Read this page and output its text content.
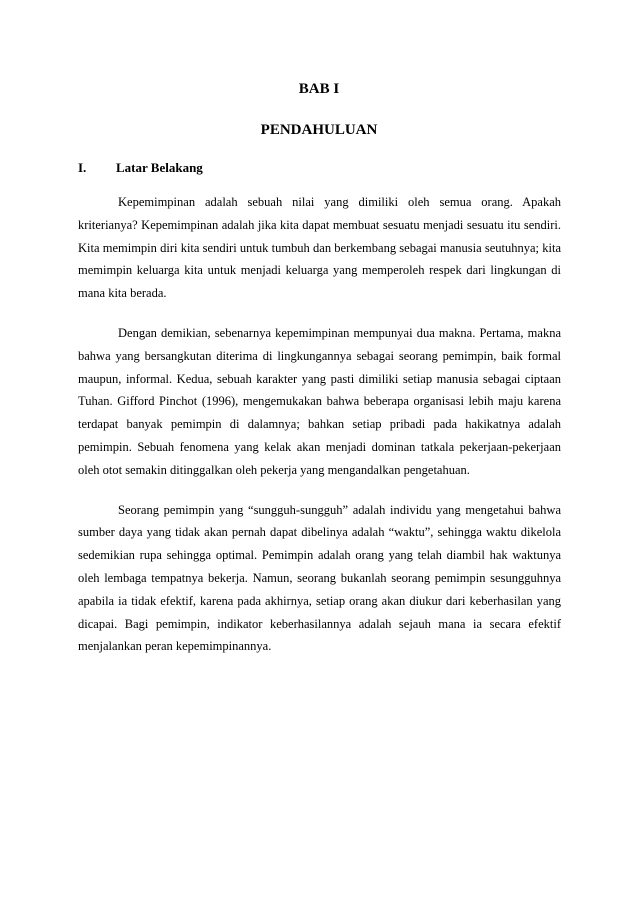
BAB I
PENDAHULUAN
I. Latar Belakang

Kepemimpinan adalah sebuah nilai yang dimiliki oleh semua orang. Apakah kriterianya? Kepemimpinan adalah jika kita dapat membuat sesuatu menjadi sesuatu itu sendiri. Kita memimpin diri kita sendiri untuk tumbuh dan berkembang sebagai manusia seutuhnya; kita memimpin keluarga kita untuk menjadi keluarga yang memperoleh respek dari lingkungan di mana kita berada.

Dengan demikian, sebenarnya kepemimpinan mempunyai dua makna. Pertama, makna bahwa yang bersangkutan diterima di lingkungannya sebagai seorang pemimpin, baik formal maupun, informal. Kedua, sebuah karakter yang pasti dimiliki setiap manusia sebagai ciptaan Tuhan. Gifford Pinchot (1996), mengemukakan bahwa beberapa organisasi lebih maju karena terdapat banyak pemimpin di dalamnya; bahkan setiap pribadi pada hakikatnya adalah pemimpin. Sebuah fenomena yang kelak akan menjadi dominan tatkala pekerjaan-pekerjaan oleh otot semakin ditinggalkan oleh pekerja yang mengandalkan pengetahuan.

Seorang pemimpin yang “sungguh-sungguh” adalah individu yang mengetahui bahwa sumber daya yang tidak akan pernah dapat dibelinya adalah “waktu”, sehingga waktu dikelola sedemikian rupa sehingga optimal. Pemimpin adalah orang yang telah diambil hak waktunya oleh lembaga tempatnya bekerja. Namun, seorang bukanlah seorang pemimpin sesungguhnya apabila ia tidak efektif, karena pada akhirnya, setiap orang akan diukur dari keberhasilan yang dicapai. Bagi pemimpin, indikator keberhasilannya adalah sejauh mana ia secara efektif menjalankan peran kepemimpinannya.
